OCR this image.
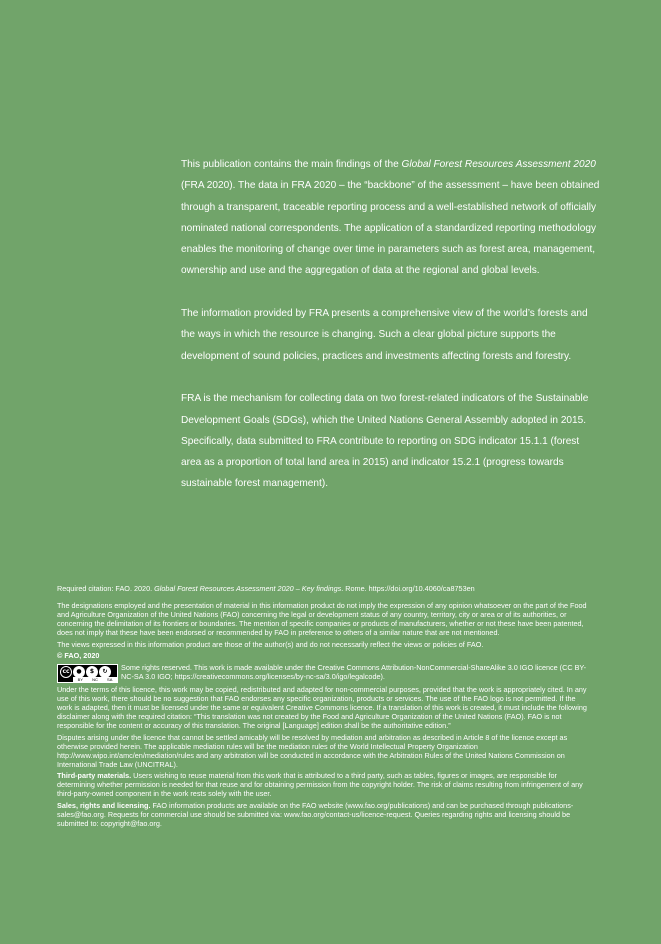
This publication contains the main findings of the Global Forest Resources Assessment 2020 (FRA 2020). The data in FRA 2020 – the “backbone” of the assessment – have been obtained through a transparent, traceable reporting process and a well-established network of officially nominated national correspondents. The application of a standardized reporting methodology enables the monitoring of change over time in parameters such as forest area, management, ownership and use and the aggregation of data at the regional and global levels.

The information provided by FRA presents a comprehensive view of the world’s forests and the ways in which the resource is changing. Such a clear global picture supports the development of sound policies, practices and investments affecting forests and forestry.

FRA is the mechanism for collecting data on two forest-related indicators of the Sustainable Development Goals (SDGs), which the United Nations General Assembly adopted in 2015. Specifically, data submitted to FRA contribute to reporting on SDG indicator 15.1.1 (forest area as a proportion of total land area in 2015) and indicator 15.2.1 (progress towards sustainable forest management).

Required citation: FAO. 2020. Global Forest Resources Assessment 2020 – Key findings. Rome. https://doi.org/10.4060/ca8753en

The designations employed and the presentation of material in this information product do not imply the expression of any opinion whatsoever on the part of the Food and Agriculture Organization of the United Nations (FAO) concerning the legal or development status of any country, territory, city or area or of its authorities, or concerning the delimitation of its frontiers or boundaries. The mention of specific companies or products of manufacturers, whether or not these have been patented, does not imply that these have been endorsed or recommended by FAO in preference to others of a similar nature that are not mentioned.

The views expressed in this information product are those of the author(s) and do not necessarily reflect the views or policies of FAO.

© FAO, 2020

cc	●	$	↻
BY NC SA
Some rights reserved. This work is made available under the Creative Commons Attribution-NonCommercial-ShareAlike 3.0 IGO licence (CC BY-NC-SA 3.0 IGO; https://creativecommons.org/licenses/by-nc-sa/3.0/igo/legalcode).

Under the terms of this licence, this work may be copied, redistributed and adapted for non-commercial purposes, provided that the work is appropriately cited. In any use of this work, there should be no suggestion that FAO endorses any specific organization, products or services. The use of the FAO logo is not permitted. If the work is adapted, then it must be licensed under the same or equivalent Creative Commons licence. If a translation of this work is created, it must include the following disclaimer along with the required citation: “This translation was not created by the Food and Agriculture Organization of the United Nations (FAO). FAO is not responsible for the content or accuracy of this translation. The original [Language] edition shall be the authoritative edition.”

Disputes arising under the licence that cannot be settled amicably will be resolved by mediation and arbitration as described in Article 8 of the licence except as otherwise provided herein. The applicable mediation rules will be the mediation rules of the World Intellectual Property Organization http://www.wipo.int/amc/en/mediation/rules and any arbitration will be conducted in accordance with the Arbitration Rules of the United Nations Commission on International Trade Law (UNCITRAL).

Third-party materials. Users wishing to reuse material from this work that is attributed to a third party, such as tables, figures or images, are responsible for determining whether permission is needed for that reuse and for obtaining permission from the copyright holder. The risk of claims resulting from infringement of any third-party-owned component in the work rests solely with the user.

Sales, rights and licensing. FAO information products are available on the FAO website (www.fao.org/publications) and can be purchased through publications-sales@fao.org. Requests for commercial use should be submitted via: www.fao.org/contact-us/licence-request. Queries regarding rights and licensing should be submitted to: copyright@fao.org.
